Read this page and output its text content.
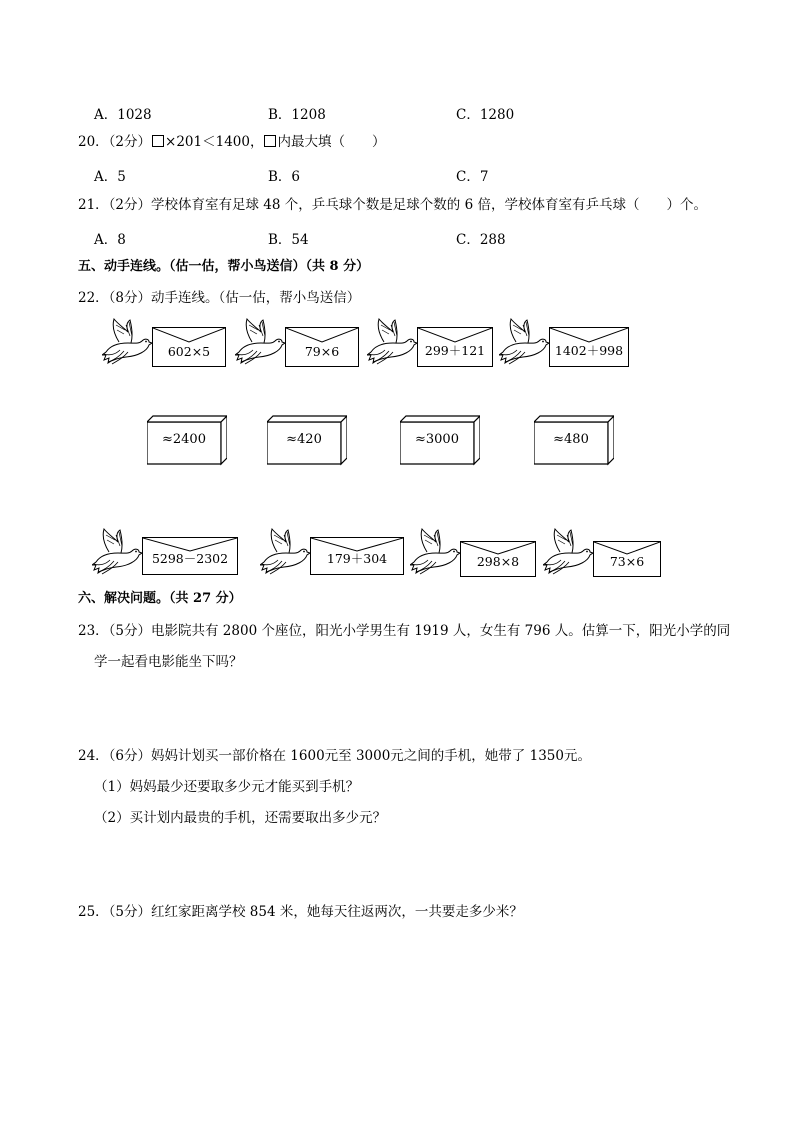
A．1028	B．1208	C．1280
20．（2分） ×201＜1400， 内最大填（　　）
A．5	B．6	C．7
21．（2分）学校体育室有足球 48 个，乒乓球个数是足球个数的 6 倍，学校体育室有乒乓球（　　）个。
A．8	B．54	C．288
五、动手连线。（估一估，帮小鸟送信）（共 8 分）
22．（8分）动手连线。（估一估，帮小鸟送信）
602×5	79×6	299＋121	1402＋998
≈2400	≈420	≈3000	≈480
5298－2302	179＋304	298×8	73×6
六、解决问题。（共 27 分）
23．（5分）电影院共有 2800 个座位，阳光小学男生有 1919 人，女生有 796 人。估算一下，阳光小学的同
学一起看电影能坐下吗？
24．（6分）妈妈计划买一部价格在 1600元至 3000元之间的手机，她带了 1350元。
（1）妈妈最少还要取多少元才能买到手机？
（2）买计划内最贵的手机，还需要取出多少元？
25．（5分）红红家距离学校 854 米，她每天往返两次，一共要走多少米？
